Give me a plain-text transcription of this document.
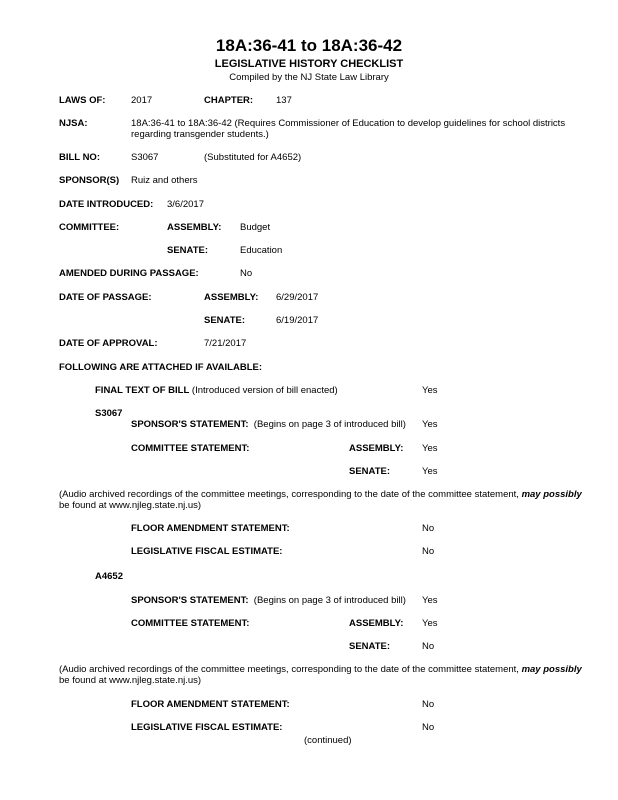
18A:36-41 to 18A:36-42
LEGISLATIVE HISTORY CHECKLIST
Compiled by the NJ State Law Library
LAWS OF:	2017	CHAPTER: 137
NJSA:	18A:36-41 to 18A:36-42 (Requires Commissioner of Education to develop guidelines for school districts
regarding transgender students.)
BILL NO:	S3067	(Substituted for A4652)
SPONSOR(S) Ruiz and others
DATE INTRODUCED: 3/6/2017
COMMITTEE:	ASSEMBLY: Budget
SENATE:	Education
AMENDED DURING PASSAGE:	No
DATE OF PASSAGE:	ASSEMBLY: 6/29/2017
SENATE:	6/19/2017
DATE OF APPROVAL:	7/21/2017
FOLLOWING ARE ATTACHED IF AVAILABLE:
FINAL TEXT OF BILL (Introduced version of bill enacted)	Yes
S3067
SPONSOR'S STATEMENT: (Begins on page 3 of introduced bill) Yes
COMMITTEE STATEMENT:	ASSEMBLY: Yes
SENATE:	Yes
(Audio archived recordings of the committee meetings, corresponding to the date of the committee statement, may possibly
be found at www.njleg.state.nj.us)
FLOOR AMENDMENT STATEMENT:	No
LEGISLATIVE FISCAL ESTIMATE:	No
A4652
SPONSOR'S STATEMENT: (Begins on page 3 of introduced bill) Yes
COMMITTEE STATEMENT:	ASSEMBLY: Yes
SENATE:	No
(Audio archived recordings of the committee meetings, corresponding to the date of the committee statement, may possibly
be found at www.njleg.state.nj.us)
FLOOR AMENDMENT STATEMENT:	No
LEGISLATIVE FISCAL ESTIMATE:	No
(continued)
